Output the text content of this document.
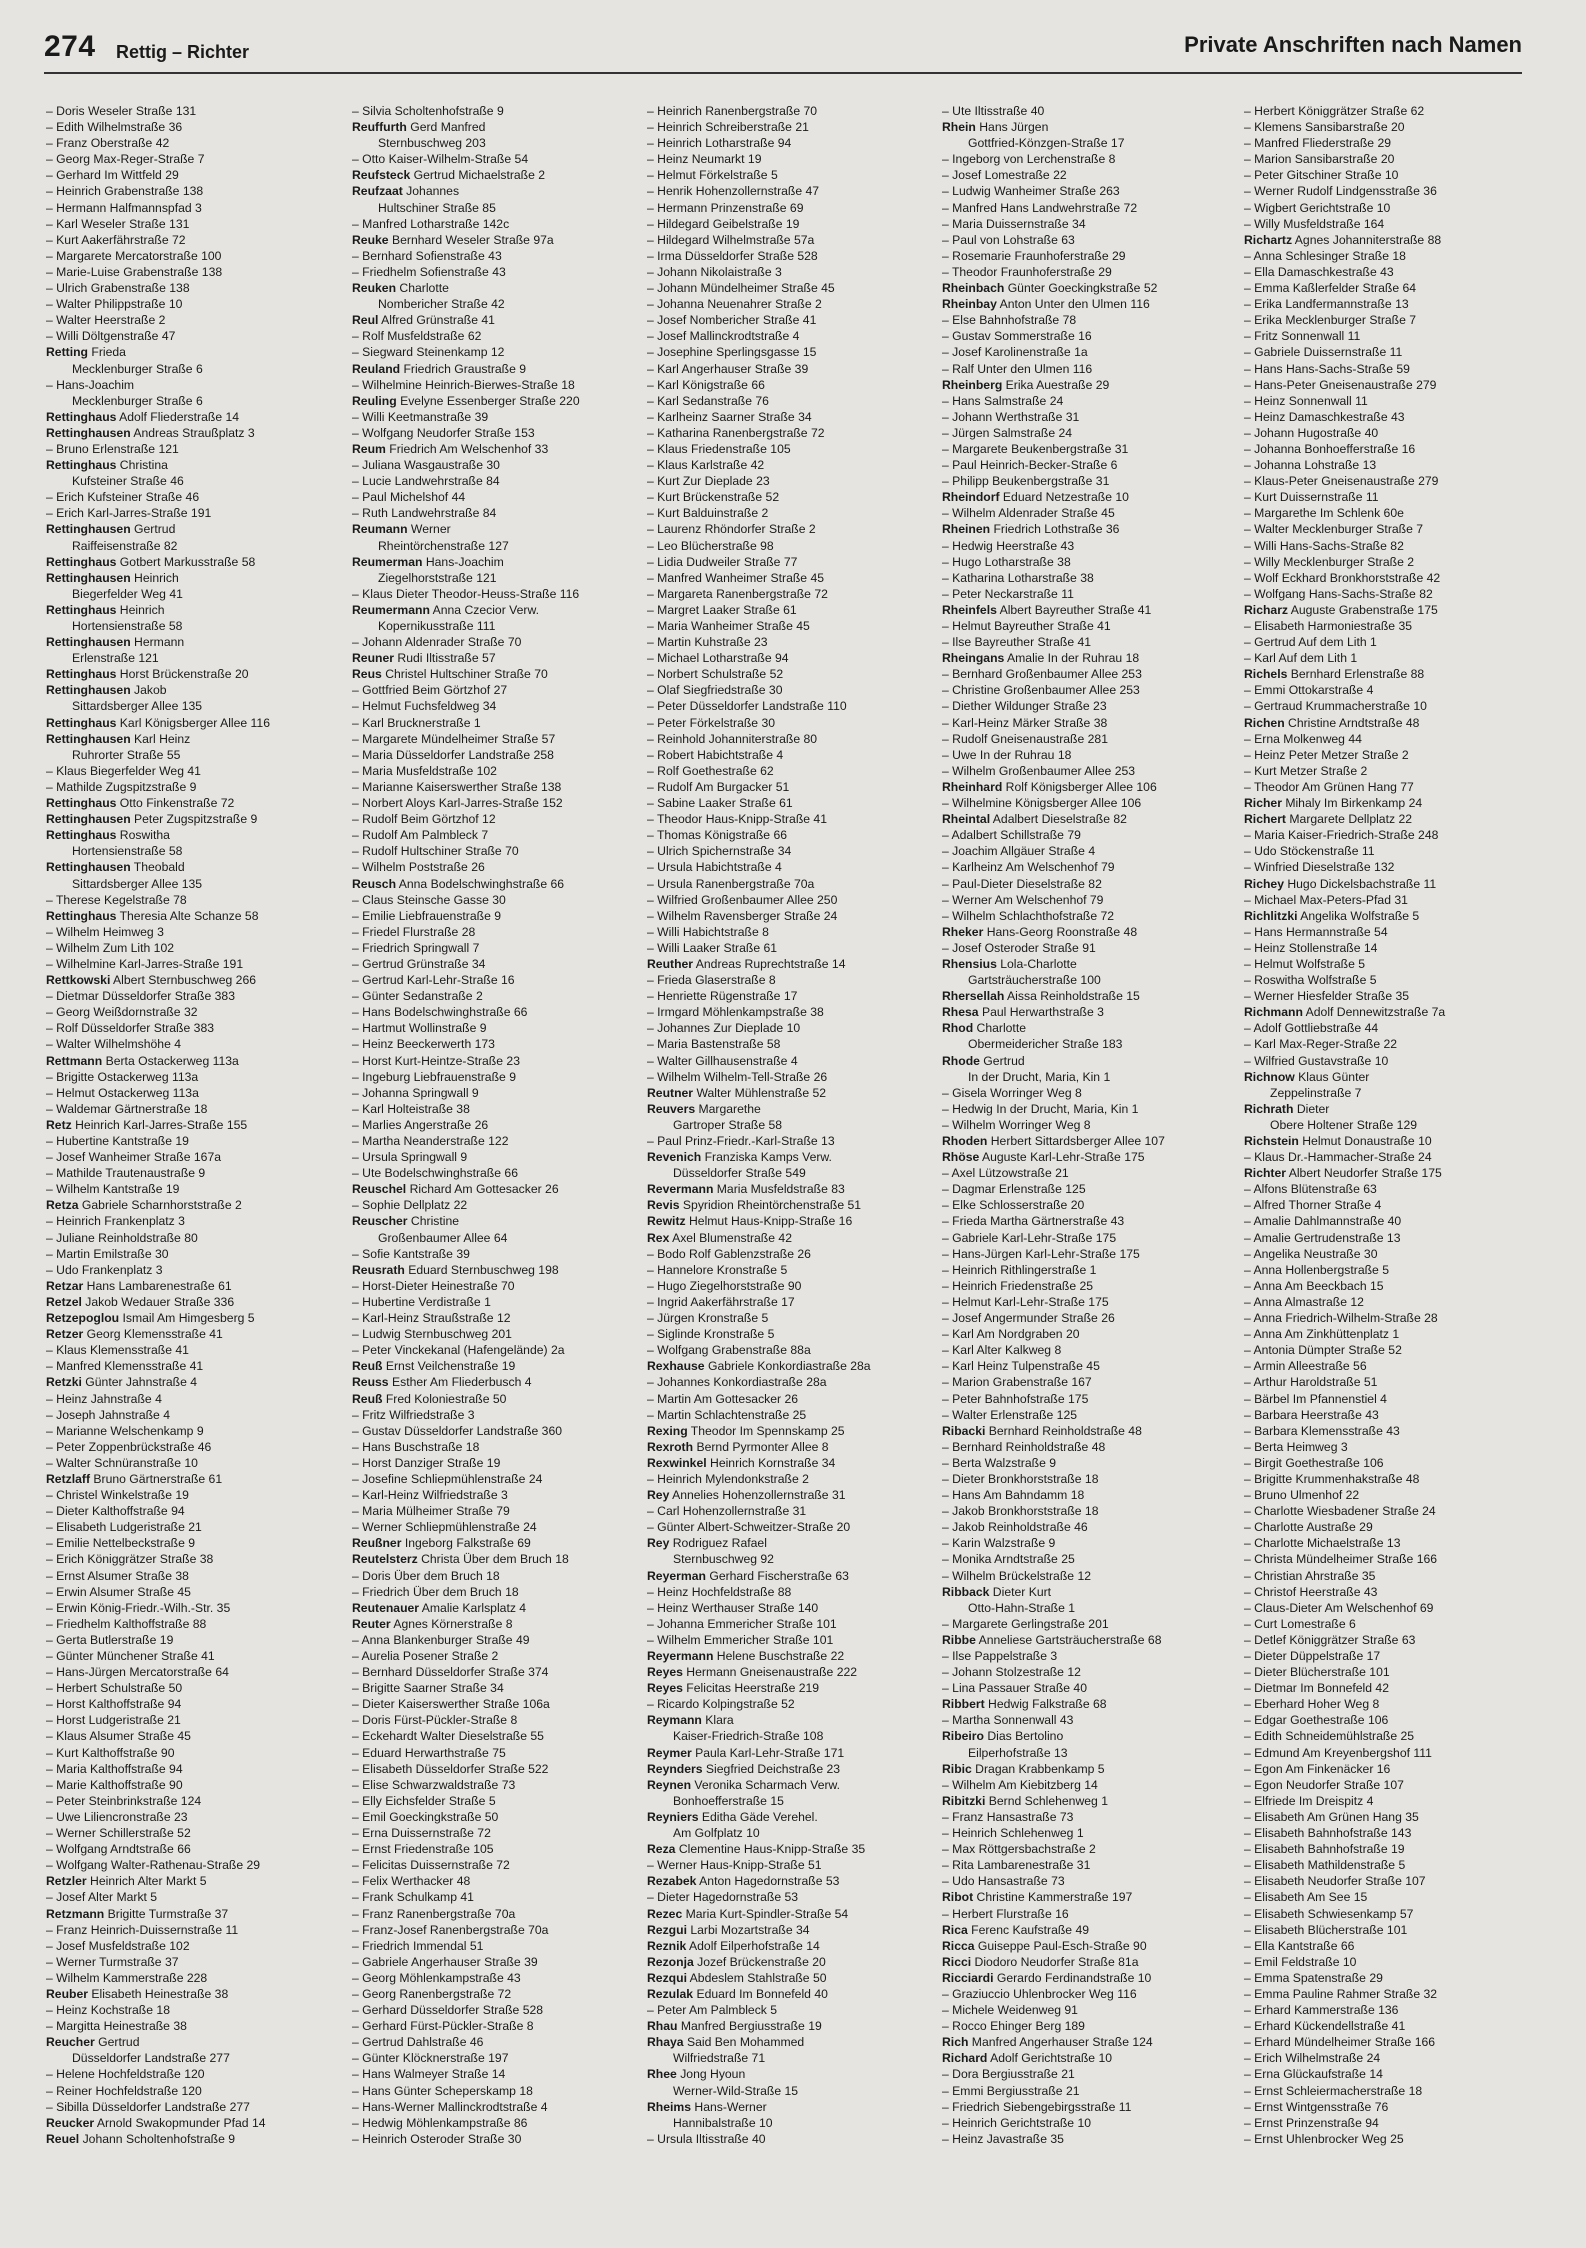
274 Rettig – Richter	Private Anschriften nach Namen
– Doris Weseler Straße 131
– Edith Wilhelmstraße 36
– Franz Oberstraße 42
– Georg Max-Reger-Straße 7
– Gerhard Im Wittfeld 29
– Heinrich Grabenstraße 138
– Hermann Halfmannspfad 3
– Karl Weseler Straße 131
– Kurt Aakerfährstraße 72
– Margarete Mercatorstraße 100
– Marie-Luise Grabenstraße 138
– Ulrich Grabenstraße 138
– Walter Philippstraße 10
– Walter Heerstraße 2
– Willi Döltgenstraße 47
Retting Frieda
Mecklenburger Straße 6
– Hans-Joachim
Mecklenburger Straße 6
Rettinghaus Adolf Fliederstraße 14
Rettinghausen Andreas Straußplatz 3
– Bruno Erlenstraße 121
Rettinghaus Christina
Kufsteiner Straße 46
– Erich Kufsteiner Straße 46
– Erich Karl-Jarres-Straße 191
Rettinghausen Gertrud
Raiffeisenstraße 82
Rettinghaus Gotbert Markusstraße 58
Rettinghausen Heinrich
Biegerfelder Weg 41
Rettinghaus Heinrich
Hortensienstraße 58
Rettinghausen Hermann
Erlenstraße 121
Rettinghaus Horst Brückenstraße 20
Rettinghausen Jakob
Sittardsberger Allee 135
Rettinghaus Karl Königsberger Allee 116
Rettinghausen Karl Heinz
Ruhrorter Straße 55
– Klaus Biegerfelder Weg 41
– Mathilde Zugspitzstraße 9
Rettinghaus Otto Finkenstraße 72
Rettinghausen Peter Zugspitzstraße 9
Rettinghaus Roswitha
Hortensienstraße 58
Rettinghausen Theobald
Sittardsberger Allee 135
– Therese Kegelstraße 78
Rettinghaus Theresia Alte Schanze 58
– Wilhelm Heimweg 3
– Wilhelm Zum Lith 102
– Wilhelmine Karl-Jarres-Straße 191
Rettkowski Albert Sternbuschweg 266
– Dietmar Düsseldorfer Straße 383
– Georg Weißdornstraße 32
– Rolf Düsseldorfer Straße 383
– Walter Wilhelmshöhe 4
Rettmann Berta Ostackerweg 113a
– Brigitte Ostackerweg 113a
– Helmut Ostackerweg 113a
– Waldemar Gärtnerstraße 18
Retz Heinrich Karl-Jarres-Straße 155
– Hubertine Kantstraße 19
– Josef Wanheimer Straße 167a
– Mathilde Trautenaustraße 9
– Wilhelm Kantstraße 19
Retza Gabriele Scharnhorststraße 2
– Heinrich Frankenplatz 3
– Juliane Reinholdstraße 80
– Martin Emilstraße 30
– Udo Frankenplatz 3
Retzar Hans Lambarenestraße 61
Retzel Jakob Wedauer Straße 336
Retzepoglou Ismail Am Himgesberg 5
Retzer Georg Klemensstraße 41
– Klaus Klemensstraße 41
– Manfred Klemensstraße 41
Retzki Günter Jahnstraße 4
– Heinz Jahnstraße 4
– Joseph Jahnstraße 4
– Marianne Welschenkamp 9
– Peter Zoppenbrückstraße 46
– Walter Schnüranstraße 10
Retzlaff Bruno Gärtnerstraße 61
– Christel Winkelstraße 19
– Dieter Kalthoffstraße 94
– Elisabeth Ludgeristraße 21
– Emilie Nettelbeckstraße 9
– Erich Königgrätzer Straße 38
– Ernst Alsumer Straße 38
– Erwin Alsumer Straße 45
– Erwin König-Friedr.-Wilh.-Str. 35
– Friedhelm Kalthoffstraße 88
– Gerta Butlerstraße 19
– Günter Münchener Straße 41
– Hans-Jürgen Mercatorstraße 64
– Herbert Schulstraße 50
– Horst Kalthoffstraße 94
– Horst Ludgeristraße 21
– Klaus Alsumer Straße 45
– Kurt Kalthoffstraße 90
– Maria Kalthoffstraße 94
– Marie Kalthoffstraße 90
– Peter Steinbrinkstraße 124
– Uwe Liliencronstraße 23
– Werner Schillerstraße 52
– Wolfgang Arndtstraße 66
– Wolfgang Walter-Rathenau-Straße 29
Retzler Heinrich Alter Markt 5
– Josef Alter Markt 5
Retzmann Brigitte Turmstraße 37
– Franz Heinrich-Duissernstraße 11
– Josef Musfeldstraße 102
– Werner Turmstraße 37
– Wilhelm Kammerstraße 228
Reuber Elisabeth Heinestraße 38
– Heinz Kochstraße 18
– Margitta Heinestraße 38
Reucher Gertrud
Düsseldorfer Landstraße 277
– Helene Hochfeldstraße 120
– Reiner Hochfeldstraße 120
– Sibilla Düsseldorfer Landstraße 277
Reucker Arnold Swakopmunder Pfad 14
Reuel Johann Scholtenhofstraße 9
– Silvia Scholtenhofstraße 9
Reuffurth Gerd Manfred
Sternbuschweg 203
– Otto Kaiser-Wilhelm-Straße 54
Reufsteck Gertrud Michaelstraße 2
Reufzaat Johannes
Hultschiner Straße 85
– Manfred Lotharstraße 142c
Reuke Bernhard Weseler Straße 97a
– Bernhard Sofienstraße 43
– Friedhelm Sofienstraße 43
Reuken Charlotte
Nombericher Straße 42
Reul Alfred Grünstraße 41
– Rolf Musfeldstraße 62
– Siegward Steinenkamp 12
Reuland Friedrich Graustraße 9
– Wilhelmine Heinrich-Bierwes-Straße 18
Reuling Evelyne Essenberger Straße 220
– Willi Keetmanstraße 39
– Wolfgang Neudorfer Straße 153
Reum Friedrich Am Welschenhof 33
– Juliana Wasgaustraße 30
– Lucie Landwehrstraße 84
– Paul Michelshof 44
– Ruth Landwehrstraße 84
Reumann Werner
Rheintörchenstraße 127
Reumerman Hans-Joachim
Ziegelhorststraße 121
– Klaus Dieter Theodor-Heuss-Straße 116
Reumermann Anna Czecior Verw.
Kopernikusstraße 111
– Johann Aldenrader Straße 70
Reuner Rudi Iltisstraße 57
Reus Christel Hultschiner Straße 70
– Gottfried Beim Görtzhof 27
– Helmut Fuchsfeldweg 34
– Karl Brucknerstraße 1
– Margarete Mündelheimer Straße 57
– Maria Düsseldorfer Landstraße 258
– Maria Musfeldstraße 102
– Marianne Kaiserswerther Straße 138
– Norbert Aloys Karl-Jarres-Straße 152
– Rudolf Beim Görtzhof 12
– Rudolf Am Palmbleck 7
– Rudolf Hultschiner Straße 70
– Wilhelm Poststraße 26
Reusch Anna Bodelschwinghstraße 66
– Claus Steinsche Gasse 30
– Emilie Liebfrauenstraße 9
– Friedel Flurstraße 28
– Friedrich Springwall 7
– Gertrud Grünstraße 34
– Gertrud Karl-Lehr-Straße 16
– Günter Sedanstraße 2
– Hans Bodelschwinghstraße 66
– Hartmut Wollinstraße 9
– Heinz Beeckerwerth 173
– Horst Kurt-Heintze-Straße 23
– Ingeburg Liebfrauenstraße 9
– Johanna Springwall 9
– Karl Holteistraße 38
– Marlies Angerstraße 26
– Martha Neanderstraße 122
– Ursula Springwall 9
– Ute Bodelschwinghstraße 66
Reuschel Richard Am Gottesacker 26
– Sophie Dellplatz 22
Reuscher Christine
Großenbaumer Allee 64
– Sofie Kantstraße 39
Reusrath Eduard Sternbuschweg 198
– Horst-Dieter Heinestraße 70
– Hubertine Verdistraße 1
– Karl-Heinz Straußstraße 12
– Ludwig Sternbuschweg 201
– Peter Vinckekanal (Hafengelände) 2a
Reuß Ernst Veilchenstraße 19
Reuss Esther Am Fliederbusch 4
Reuß Fred Koloniestraße 50
– Fritz Wilfriedstraße 3
– Gustav Düsseldorfer Landstraße 360
– Hans Buschstraße 18
– Horst Danziger Straße 19
– Josefine Schliepmühlenstraße 24
– Karl-Heinz Wilfriedstraße 3
– Maria Mülheimer Straße 79
– Werner Schliepmühlenstraße 24
Reußner Ingeborg Falkstraße 69
Reutelsterz Christa Über dem Bruch 18
– Doris Über dem Bruch 18
– Friedrich Über dem Bruch 18
Reutenauer Amalie Karlsplatz 4
Reuter Agnes Körnerstraße 8
– Anna Blankenburger Straße 49
– Aurelia Posener Straße 2
– Bernhard Düsseldorfer Straße 374
– Brigitte Saarner Straße 34
– Dieter Kaiserswerther Straße 106a
– Doris Fürst-Pückler-Straße 8
– Eckehardt Walter Dieselstraße 55
– Eduard Herwarthstraße 75
– Elisabeth Düsseldorfer Straße 522
– Elise Schwarzwaldstraße 73
– Elly Eichsfelder Straße 5
– Emil Goeckingkstraße 50
– Erna Duissernstraße 72
– Ernst Friedenstraße 105
– Felicitas Duissernstraße 72
– Felix Werthacker 48
– Frank Schulkamp 41
– Franz Ranenbergstraße 70a
– Franz-Josef Ranenbergstraße 70a
– Friedrich Immendal 51
– Gabriele Angerhauser Straße 39
– Georg Möhlenkampstraße 43
– Georg Ranenbergstraße 72
– Gerhard Düsseldorfer Straße 528
– Gerhard Fürst-Pückler-Straße 8
– Gertrud Dahlstraße 46
– Günter Klöcknerstraße 197
– Hans Walmeyer Straße 14
– Hans Günter Scheperskamp 18
– Hans-Werner Mallinckrodtstraße 4
– Hedwig Möhlenkampstraße 86
– Heinrich Osteroder Straße 30
– Heinrich Ranenbergstraße 70
– Heinrich Schreiberstraße 21
– Heinrich Lotharstraße 94
– Heinz Neumarkt 19
– Helmut Förkelstraße 5
– Henrik Hohenzollernstraße 47
– Hermann Prinzenstraße 69
– Hildegard Geibelstraße 19
– Hildegard Wilhelmstraße 57a
– Irma Düsseldorfer Straße 528
– Johann Nikolaistraße 3
– Johann Mündelheimer Straße 45
– Johanna Neuenahrer Straße 2
– Josef Nombericher Straße 41
– Josef Mallinckrodtstraße 4
– Josephine Sperlingsgasse 15
– Karl Angerhauser Straße 39
– Karl Königstraße 66
– Karl Sedanstraße 76
– Karlheinz Saarner Straße 34
– Katharina Ranenbergstraße 72
– Klaus Friedenstraße 105
– Klaus Karlstraße 42
– Kurt Zur Dieplade 23
– Kurt Brückenstraße 52
– Kurt Balduinstraße 2
– Laurenz Rhöndorfer Straße 2
– Leo Blücherstraße 98
– Lidia Dudweiler Straße 77
– Manfred Wanheimer Straße 45
– Margareta Ranenbergstraße 72
– Margret Laaker Straße 61
– Maria Wanheimer Straße 45
– Martin Kuhstraße 23
– Michael Lotharstraße 94
– Norbert Schulstraße 52
– Olaf Siegfriedstraße 30
– Peter Düsseldorfer Landstraße 110
– Peter Förkelstraße 30
– Reinhold Johanniterstraße 80
– Robert Habichtstraße 4
– Rolf Goethestraße 62
– Rudolf Am Burgacker 51
– Sabine Laaker Straße 61
– Theodor Haus-Knipp-Straße 41
– Thomas Königstraße 66
– Ulrich Spichernstraße 34
– Ursula Habichtstraße 4
– Ursula Ranenbergstraße 70a
– Wilfried Großenbaumer Allee 250
– Wilhelm Ravensberger Straße 24
– Willi Habichtstraße 8
– Willi Laaker Straße 61
Reuther Andreas Ruprechtstraße 14
– Frieda Glaserstraße 8
– Henriette Rügenstraße 17
– Irmgard Möhlenkampstraße 38
– Johannes Zur Dieplade 10
– Maria Bastenstraße 58
– Walter Gillhausenstraße 4
– Wilhelm Wilhelm-Tell-Straße 26
Reutner Walter Mühlenstraße 52
Reuvers Margarethe
Gartroper Straße 58
– Paul Prinz-Friedr.-Karl-Straße 13
Revenich Franziska Kamps Verw.
Düsseldorfer Straße 549
Revermann Maria Musfeldstraße 83
Revis Spyridion Rheintörchenstraße 51
Rewitz Helmut Haus-Knipp-Straße 16
Rex Axel Blumenstraße 42
– Bodo Rolf Gablenzstraße 26
– Hannelore Kronstraße 5
– Hugo Ziegelhorststraße 90
– Ingrid Aakerfährstraße 17
– Jürgen Kronstraße 5
– Siglinde Kronstraße 5
– Wolfgang Grabenstraße 88a
Rexhause Gabriele Konkordiastraße 28a
– Johannes Konkordiastraße 28a
– Martin Am Gottesacker 26
– Martin Schlachtenstraße 25
Rexing Theodor Im Spennskamp 25
Rexroth Bernd Pyrmonter Allee 8
Rexwinkel Heinrich Kornstraße 34
– Heinrich Mylendonkstraße 2
Rey Annelies Hohenzollernstraße 31
– Carl Hohenzollernstraße 31
– Günter Albert-Schweitzer-Straße 20
Rey Rodriguez Rafael
Sternbuschweg 92
Reyerman Gerhard Fischerstraße 63
– Heinz Hochfeldstraße 88
– Heinz Werthauser Straße 140
– Johanna Emmericher Straße 101
– Wilhelm Emmericher Straße 101
Reyermann Helene Buschstraße 22
Reyes Hermann Gneisenaustraße 222
Reyes Felicitas Heerstraße 219
– Ricardo Kolpingstraße 52
Reymann Klara
Kaiser-Friedrich-Straße 108
Reymer Paula Karl-Lehr-Straße 171
Reynders Siegfried Deichstraße 23
Reynen Veronika Scharmach Verw.
Bonhoefferstraße 15
Reyniers Editha Gäde Verehel.
Am Golfplatz 10
Reza Clementine Haus-Knipp-Straße 35
– Werner Haus-Knipp-Straße 51
Rezabek Anton Hagedornstraße 53
– Dieter Hagedornstraße 53
Rezec Maria Kurt-Spindler-Straße 54
Rezgui Larbi Mozartstraße 34
Reznik Adolf Eilperhofstraße 14
Rezonja Jozef Brückenstraße 20
Rezqui Abdeslem Stahlstraße 50
Rezulak Eduard Im Bonnefeld 40
– Peter Am Palmbleck 5
Rhau Manfred Bergiusstraße 19
Rhaya Said Ben Mohammed
Wilfriedstraße 71
Rhee Jong Hyoun
Werner-Wild-Straße 15
Rheims Hans-Werner
Hannibalstraße 10
– Ursula Iltisstraße 40
– Ute Iltisstraße 40
Rhein Hans Jürgen
Gottfried-Könzgen-Straße 17
– Ingeborg von Lerchenstraße 8
– Josef Lomestraße 22
– Ludwig Wanheimer Straße 263
– Manfred Hans Landwehrstraße 72
– Maria Duissernstraße 34
– Paul von Lohstraße 63
– Rosemarie Fraunhoferstraße 29
– Theodor Fraunhoferstraße 29
Rheinbach Günter Goeckingkstraße 52
Rheinbay Anton Unter den Ulmen 116
– Else Bahnhofstraße 78
– Gustav Sommerstraße 16
– Josef Karolinenstraße 1a
– Ralf Unter den Ulmen 116
Rheinberg Erika Auestraße 29
– Hans Salmstraße 24
– Johann Werthstraße 31
– Jürgen Salmstraße 24
– Margarete Beukenbergstraße 31
– Paul Heinrich-Becker-Straße 6
– Philipp Beukenbergstraße 31
Rheindorf Eduard Netzestraße 10
– Wilhelm Aldenrader Straße 45
Rheinen Friedrich Lothstraße 36
– Hedwig Heerstraße 43
– Hugo Lotharstraße 38
– Katharina Lotharstraße 38
– Peter Neckarstraße 11
Rheinfels Albert Bayreuther Straße 41
– Helmut Bayreuther Straße 41
– Ilse Bayreuther Straße 41
Rheingans Amalie In der Ruhrau 18
– Bernhard Großenbaumer Allee 253
– Christine Großenbaumer Allee 253
– Diether Wildunger Straße 23
– Karl-Heinz Märker Straße 38
– Rudolf Gneisenaustraße 281
– Uwe In der Ruhrau 18
– Wilhelm Großenbaumer Allee 253
Rheinhard Rolf Königsberger Allee 106
– Wilhelmine Königsberger Allee 106
Rheintal Adalbert Dieselstraße 82
– Adalbert Schillstraße 79
– Joachim Allgäuer Straße 4
– Karlheinz Am Welschenhof 79
– Paul-Dieter Dieselstraße 82
– Werner Am Welschenhof 79
– Wilhelm Schlachthofstraße 72
Rheker Hans-Georg Roonstraße 48
– Josef Osteroder Straße 91
Rhensius Lola-Charlotte
Gartsträucherstraße 100
Rhersellah Aissa Reinholdstraße 15
Rhesa Paul Herwarthstraße 3
Rhod Charlotte
Obermeidericher Straße 183
Rhode Gertrud
In der Drucht, Maria, Kin 1
– Gisela Worringer Weg 8
– Hedwig In der Drucht, Maria, Kin 1
– Wilhelm Worringer Weg 8
Rhoden Herbert Sittardsberger Allee 107
Rhöse Auguste Karl-Lehr-Straße 175
– Axel Lützowstraße 21
– Dagmar Erlenstraße 125
– Elke Schlosserstraße 20
– Frieda Martha Gärtnerstraße 43
– Gabriele Karl-Lehr-Straße 175
– Hans-Jürgen Karl-Lehr-Straße 175
– Heinrich Rithlingerstraße 1
– Heinrich Friedenstraße 25
– Helmut Karl-Lehr-Straße 175
– Josef Angermunder Straße 26
– Karl Am Nordgraben 20
– Karl Alter Kalkweg 8
– Karl Heinz Tulpenstraße 45
– Marion Grabenstraße 167
– Peter Bahnhofstraße 175
– Walter Erlenstraße 125
Ribacki Bernhard Reinholdstraße 48
– Bernhard Reinholdstraße 48
– Berta Walzstraße 9
– Dieter Bronkhorststraße 18
– Hans Am Bahndamm 18
– Jakob Bronkhorststraße 18
– Jakob Reinholdstraße 46
– Karin Walzstraße 9
– Monika Arndtstraße 25
– Wilhelm Brückelstraße 12
Ribback Dieter Kurt
Otto-Hahn-Straße 1
– Margarete Gerlingstraße 201
Ribbe Anneliese Gartsträucherstraße 68
– Ilse Pappelstraße 3
– Johann Stolzestraße 12
– Lina Passauer Straße 40
Ribbert Hedwig Falkstraße 68
– Martha Sonnenwall 43
Ribeiro Dias Bertolino
Eilperhofstraße 13
Ribic Dragan Krabbenkamp 5
– Wilhelm Am Kiebitzberg 14
Ribitzki Bernd Schlehenweg 1
– Franz Hansastraße 73
– Heinrich Schlehenweg 1
– Max Röttgersbachstraße 2
– Rita Lambarenestraße 31
– Udo Hansastraße 73
Ribot Christine Kammerstraße 197
– Herbert Flurstraße 16
Rica Ferenc Kaufstraße 49
Ricca Guiseppe Paul-Esch-Straße 90
Ricci Diodoro Neudorfer Straße 81a
Ricciardi Gerardo Ferdinandstraße 10
– Graziuccio Uhlenbrocker Weg 116
– Michele Weidenweg 91
– Rocco Ehinger Berg 189
Rich Manfred Angerhauser Straße 124
Richard Adolf Gerichtstraße 10
– Dora Bergiusstraße 21
– Emmi Bergiusstraße 21
– Friedrich Siebengebirgsstraße 11
– Heinrich Gerichtstraße 10
– Heinz Javastraße 35
– Herbert Königgrätzer Straße 62
– Klemens Sansibarstraße 20
– Manfred Fliederstraße 29
– Marion Sansibarstraße 20
– Peter Gitschiner Straße 10
– Werner Rudolf Lindgensstraße 36
– Wigbert Gerichtstraße 10
– Willy Musfeldstraße 164
Richartz Agnes Johanniterstraße 88
– Anna Schlesinger Straße 18
– Ella Damaschkestraße 43
– Emma Kaßlerfelder Straße 64
– Erika Landfermannstraße 13
– Erika Mecklenburger Straße 7
– Fritz Sonnenwall 11
– Gabriele Duissernstraße 11
– Hans Hans-Sachs-Straße 59
– Hans-Peter Gneisenaustraße 279
– Heinz Sonnenwall 11
– Heinz Damaschkestraße 43
– Johann Hugostraße 40
– Johanna Bonhoefferstraße 16
– Johanna Lohstraße 13
– Klaus-Peter Gneisenaustraße 279
– Kurt Duissernstraße 11
– Margarethe Im Schlenk 60e
– Walter Mecklenburger Straße 7
– Willi Hans-Sachs-Straße 82
– Willy Mecklenburger Straße 2
– Wolf Eckhard Bronkhorststraße 42
– Wolfgang Hans-Sachs-Straße 82
Richarz Auguste Grabenstraße 175
– Elisabeth Harmoniestraße 35
– Gertrud Auf dem Lith 1
– Karl Auf dem Lith 1
Richels Bernhard Erlenstraße 88
– Emmi Ottokarstraße 4
– Gertraud Krummacherstraße 10
Richen Christine Arndtstraße 48
– Erna Molkenweg 44
– Heinz Peter Metzer Straße 2
– Kurt Metzer Straße 2
– Theodor Am Grünen Hang 77
Richer Mihaly Im Birkenkamp 24
Richert Margarete Dellplatz 22
– Maria Kaiser-Friedrich-Straße 248
– Udo Stöckenstraße 11
– Winfried Dieselstraße 132
Richey Hugo Dickelsbachstraße 11
– Michael Max-Peters-Pfad 31
Richlitzki Angelika Wolfstraße 5
– Hans Hermannstraße 54
– Heinz Stollenstraße 14
– Helmut Wolfstraße 5
– Roswitha Wolfstraße 5
– Werner Hiesfelder Straße 35
Richmann Adolf Dennewitzstraße 7a
– Adolf Gottliebstraße 44
– Karl Max-Reger-Straße 22
– Wilfried Gustavstraße 10
Richnow Klaus Günter
Zeppelinstraße 7
Richrath Dieter
Obere Holtener Straße 129
Richstein Helmut Donaustraße 10
– Klaus Dr.-Hammacher-Straße 24
Richter Albert Neudorfer Straße 175
– Alfons Blütenstraße 63
– Alfred Thorner Straße 4
– Amalie Dahlmannstraße 40
– Amalie Gertrudenstraße 13
– Angelika Neustraße 30
– Anna Hollenbergstraße 5
– Anna Am Beeckbach 15
– Anna Almastraße 12
– Anna Friedrich-Wilhelm-Straße 28
– Anna Am Zinkhüttenplatz 1
– Antonia Dümpter Straße 52
– Armin Alleestraße 56
– Arthur Haroldstraße 51
– Bärbel Im Pfannenstiel 4
– Barbara Heerstraße 43
– Barbara Klemensstraße 43
– Berta Heimweg 3
– Birgit Goethestraße 106
– Brigitte Krummenhakstraße 48
– Bruno Ulmenhof 22
– Charlotte Wiesbadener Straße 24
– Charlotte Austraße 29
– Charlotte Michaelstraße 13
– Christa Mündelheimer Straße 166
– Christian Ahrstraße 35
– Christof Heerstraße 43
– Claus-Dieter Am Welschenhof 69
– Curt Lomestraße 6
– Detlef Königgrätzer Straße 63
– Dieter Düppelstraße 17
– Dieter Blücherstraße 101
– Dietmar Im Bonnefeld 42
– Eberhard Hoher Weg 8
– Edgar Goethestraße 106
– Edith Schneidemühlstraße 25
– Edmund Am Kreyenbergshof 111
– Egon Am Finkenäcker 16
– Egon Neudorfer Straße 107
– Elfriede Im Dreispitz 4
– Elisabeth Am Grünen Hang 35
– Elisabeth Bahnhofstraße 143
– Elisabeth Bahnhofstraße 19
– Elisabeth Mathildenstraße 5
– Elisabeth Neudorfer Straße 107
– Elisabeth Am See 15
– Elisabeth Schwiesenkamp 57
– Elisabeth Blücherstraße 101
– Ella Kantstraße 66
– Emil Feldstraße 10
– Emma Spatenstraße 29
– Emma Pauline Rahmer Straße 32
– Erhard Kammerstraße 136
– Erhard Kückendellstraße 41
– Erhard Mündelheimer Straße 166
– Erich Wilhelmstraße 24
– Erna Glückaufstraße 14
– Ernst Schleiermacherstraße 18
– Ernst Wintgensstraße 76
– Ernst Prinzenstraße 94
– Ernst Uhlenbrocker Weg 25
